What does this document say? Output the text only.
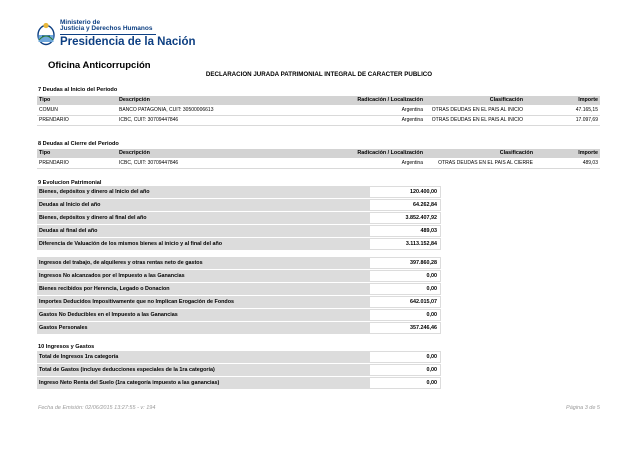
Ministerio de
Justicia y Derechos Humanos
Presidencia de la Nación
Oficina Anticorrupción
DECLARACION JURADA PATRIMONIAL INTEGRAL DE CARACTER PUBLICO
7 Deudas al Inicio del Periodo
Tipo	Descripción	Radicación / Localización	Clasificación	Importe
COMUN	BANCO PATAGONIA, CUIT: 30500006613	Argentina	OTRAS DEUDAS EN EL PAIS AL INICIO	47.165,15
PRENDARIO	ICBC, CUIT: 30709447846	Argentina	OTRAS DEUDAS EN EL PAIS AL INICIO	17.097,69
8 Deudas al Cierre del Periodo
Tipo	Descripción	Radicación / Localización	Clasificación	Importe
PRENDARIO	ICBC, CUIT: 30709447846	Argentina	OTRAS DEUDAS EN EL PAIS AL CIERRE	489,03
9 Evolucion Patrimonial
Bienes, depósitos y dinero al Inicio del año	120.400,00
Deudas al Inicio del año	64.262,84
Bienes, depósitos y dinero al final del año	3.852.407,92
Deudas al final del año	489,03
Diferencia de Valuación de los mismos bienes al inicio y al final del año	3.113.152,84
Ingresos del trabajo, de alquileres y otras rentas neto de gastos	397.860,28
Ingresos No alcanzados por el Impuesto a las Ganancias	0,00
Bienes recibidos por Herencia, Legado o Donacion	0,00
Importes Deducidos Impositivamente que no Implican Erogación de Fondos	642.015,07
Gastos No Deducibles en el Impuesto a las Ganancias	0,00
Gastos Personales	357.246,46
10 Ingresos y Gastos
Total de Ingresos 1ra categoría	0,00
Total de Gastos (incluye deducciones especiales de la 1ra categoría)	0,00
Ingreso Neto Renta del Suelo (1ra categoría impuesto a las ganancias)	0,00
Fecha de Emisión: 02/06/2015 13:27:55 - v: 194	Página 3 de 5
